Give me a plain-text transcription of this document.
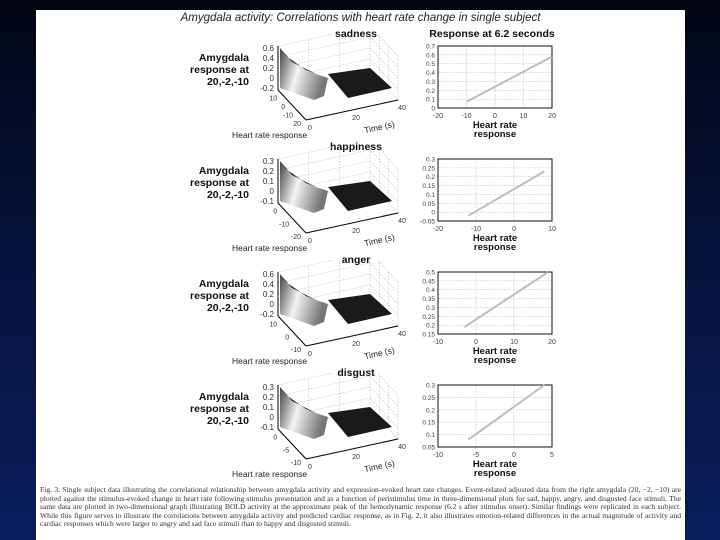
Amygdala activity: Correlations with heart rate change in single subject
sadness	Response at 6.2 seconds
Amygdala
response at
20,-2,-10
Heart rate
response
-0.2
0
0.2
0.4
0.6
10
0
-10
20
0
20
40
Heart rate response	Time (s)
-20	-10	0	10	20
0
0.1
0.2
0.3
0.4
0.5
0.6
0.7
happiness
Amygdala
response at
20,-2,-10
Heart rate
response
-0.1
0
0.1
0.2
0.3
0
-10
-20
0
20
40
Heart rate response	Time (s)
-20	-10	0	10
-0.05
0
0.05
0.1
0.15
0.2
0.25
0.3
anger
Amygdala
response at
20,-2,-10
Heart rate
response
-0.2
0
0.2
0.4
0.6
10
0
-10
0
20
40
Heart rate response	Time (s)
-10	0	10	20
0.15
0.2
0.25
0.3
0.35
0.4
0.45
0.5
disgust
Amygdala
response at
20,-2,-10
Heart rate
response
-0.1
0
0.1
0.2
0.3
0
-5
-10
0
20
40
Heart rate response	Time (s)
-10	-5	0	5
0.05
0.1
0.15
0.2
0.25
0.3
Fig. 3. Single subject data illustrating the correlational relationship between amygdala activity and expression-evoked heart rate changes. Event-related adjusted data from the right amygdala (20, −2, −10) are plotted against the stimulus-evoked change in heart rate following stimulus presentation and as a function of peristimulus time in three-dimensional plots for sad, happy, angry, and disgusted face stimuli. The same data are plotted in two-dimensional graph illustrating BOLD activity at the approximate peak of the hemodynamic response (6.2 s after stimulus onset). Similar findings were replicated in each subject. While this figure serves to illustrate the correlations between amygdala activity and predicted cardiac response, as in Fig. 2, it also illustrates emotion-related differences in the actual magnitude of activity and cardiac responses which were larger to angry and sad face stimuli than to happy and disgusted stimuli.
